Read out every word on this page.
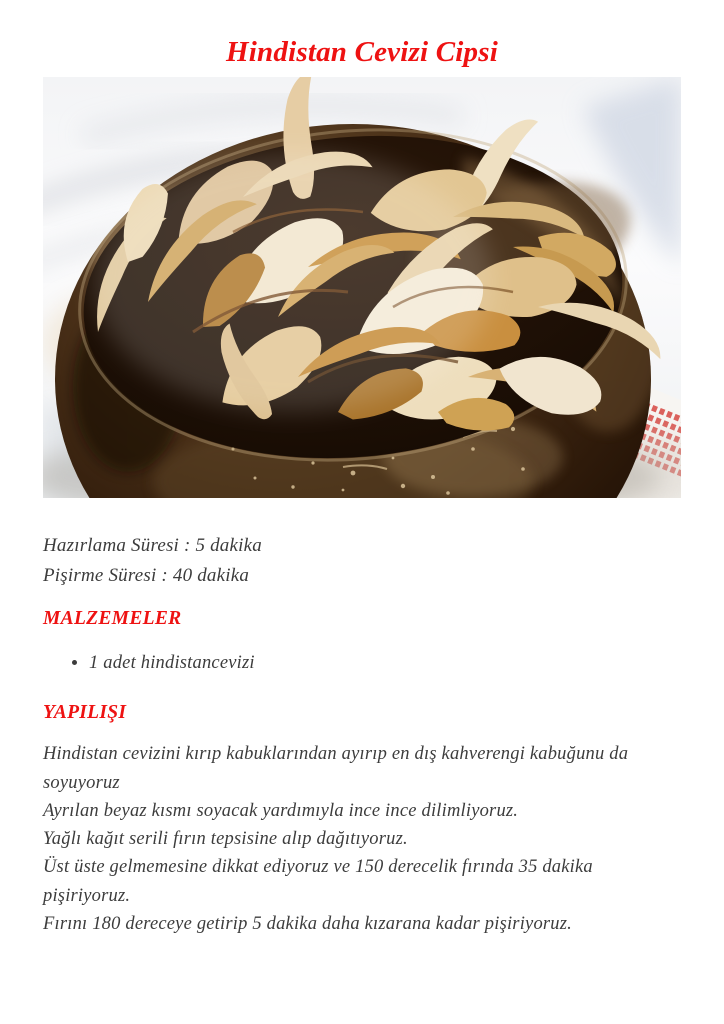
Hindistan Cevizi Cipsi

Hazırlama Süresi : 5 dakika

Pişirme Süresi : 40 dakika

MALZEMELER
• 1 adet hindistancevizi
YAPILIŞI

Hindistan cevizini kırıp kabuklarından ayırıp en dış kahverengi kabuğunu da

soyuyoruz

Ayrılan beyaz kısmı soyacak yardımıyla ince ince dilimliyoruz.

Yağlı kağıt serili fırın tepsisine alıp dağıtıyoruz.

Üst üste gelmemesine dikkat ediyoruz ve 150 derecelik fırında 35 dakika

pişiriyoruz.

Fırını 180 dereceye getirip 5 dakika daha kızarana kadar pişiriyoruz.
